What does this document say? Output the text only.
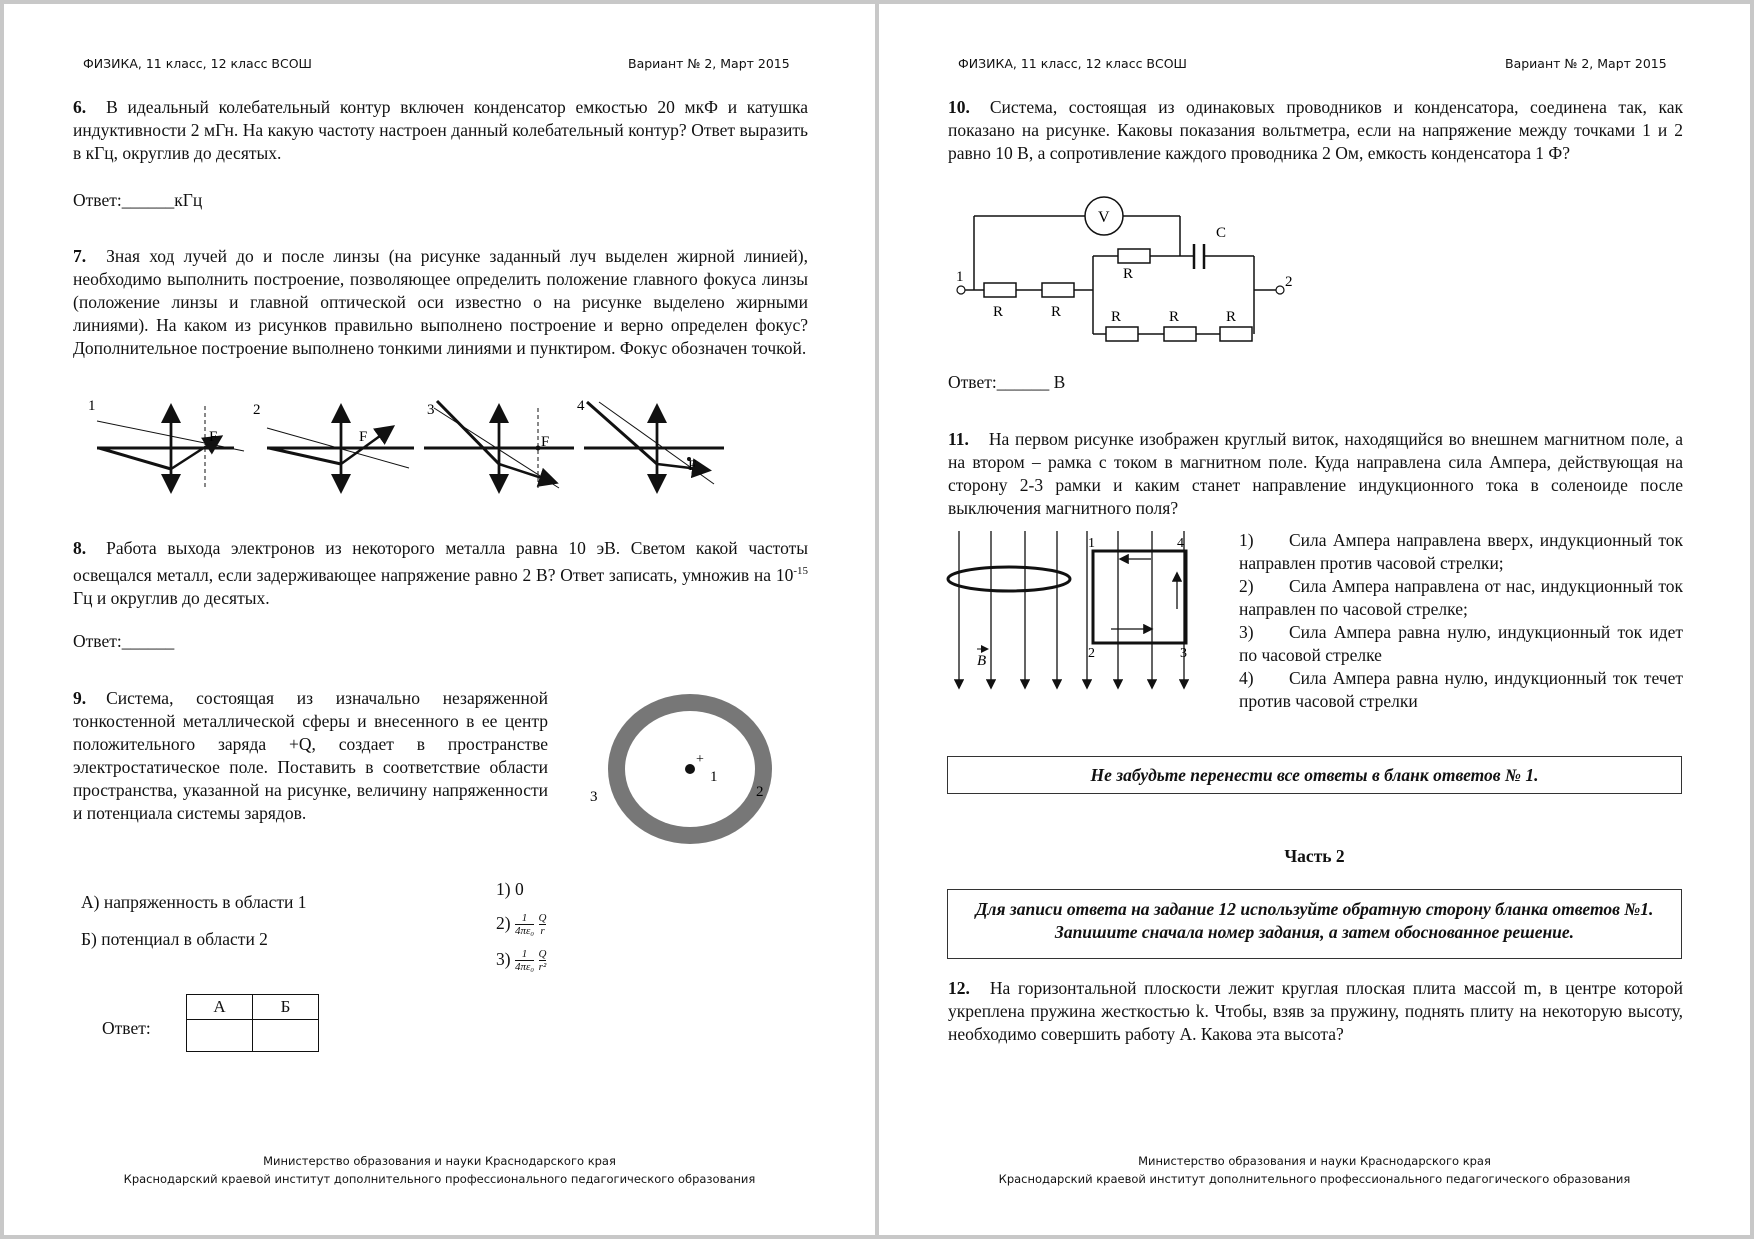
ФИЗИКА, 11 класс, 12 класс ВСОШ	Вариант № 2, Март 2015
6. В идеальный колебательный контур включен конденсатор емкостью 20 мкФ и катушка индуктивности 2 мГн. На какую частоту настроен данный колебательный контур? Ответ выразить в кГц, округлив до десятых.
Ответ:______кГц
7. Зная ход лучей до и после линзы (на рисунке заданный луч выделен жирной линией), необходимо выполнить построение, позволяющее определить положение главного фокуса линзы (положение линзы и главной оптической оси известно о на рисунке выделено жирными линиями). На каком из рисунков правильно выполнено построение и верно определен фокус? Дополнительное построение выполнено тонкими линиями и пунктиром. Фокус обозначен точкой.
1
F
2
F
3
F
4
F
8. Работа выхода электронов из некоторого металла равна 10 эВ. Светом какой частоты освещался металл, если задерживающее напряжение равно 2 В? Ответ записать, умножив на $10^{-15}$ Гц и округлив до десятых.
Ответ:______
9. Система, состоящая из изначально незаряженной тонкостенной металлической сферы и внесенного в ее центр положительного заряда +Q, создает в пространстве электростатическое поле. Поставить в соответствие области пространства, указанной на рисунке, величину напряженности и потенциала системы зарядов.
+
1
2
3
А) напряженность в области 1
Б) потенциал в области 2
1) 0
$2) \frac{1}{\text{4πε₀}}$
$\frac{Q}{r}$
$3) \frac{1}{\text{4πε₀}}$
$\frac{Q}{\text{r²}}$
Ответ:
А	Б

Министерство образования и науки Краснодарского края
Краснодарский краевой институт дополнительного профессионального педагогического образования
ФИЗИКА, 11 класс, 12 класс ВСОШ	Вариант № 2, Март 2015
10. Система, состоящая из одинаковых проводников и конденсатора, соединена так, как показано на рисунке. Каковы показания вольтметра, если на напряжение между точками 1 и 2 равно 10 В, а сопротивление каждого проводника 2 Ом, емкость конденсатора 1 Ф?
1
R	R
V
R
C
R	R	R
2
Ответ:______ В
11. На первом рисунке изображен круглый виток, находящийся во внешнем магнитном поле, а на втором – рамка с током в магнитном поле. Куда направлена сила Ампера, действующая на сторону 2-3 рамки и каким станет направление индукционного тока в соленоиде после выключения магнитного поля?
B
1
2	3
4	1) Сила Ампера направлена вверх, индукционный ток направлен против часовой стрелки;
2) Сила Ампера направлена от нас, индукционный ток направлен по часовой стрелке;
3) Сила Ампера равна нулю, индукционный ток идет по часовой стрелке
4) Сила Ампера равна нулю, индукционный ток течет против часовой стрелки
Не забудьте перенести все ответы в бланк ответов № 1.
Часть 2
Для записи ответа на задание 12 используйте обратную сторону бланка ответов №1. Запишите сначала номер задания, а затем обоснованное решение.
12. На горизонтальной плоскости лежит круглая плоская плита массой m, в центре которой укреплена пружина жесткостью k. Чтобы, взяв за пружину, поднять плиту на некоторую высоту, необходимо совершить работу A. Какова эта высота?
Министерство образования и науки Краснодарского края
Краснодарский краевой институт дополнительного профессионального педагогического образования
